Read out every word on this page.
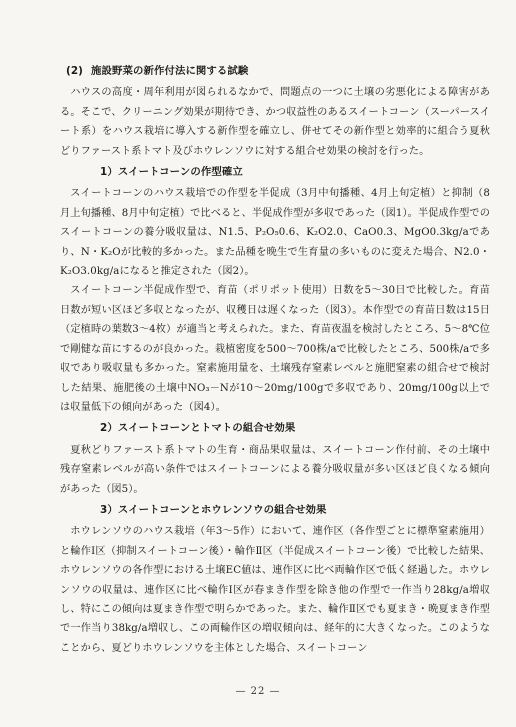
(2) 施設野菜の新作付法に関する試験

ハウスの高度・周年利用が図られるなかで、問題点の一つに土壌の劣悪化による障害がある。そこで、クリーニング効果が期待でき、かつ収益性のあるスイートコーン（スーパースイート系）をハウス栽培に導入する新作型を確立し、併せてその新作型と効率的に組合う夏秋どりファースト系トマト及びホウレンソウに対する組合せ効果の検討を行った。

1）スイートコーンの作型確立

スイートコーンのハウス栽培での作型を半促成（3月中旬播種、4月上旬定植）と抑制（8月上旬播種、8月中旬定植）で比べると、半促成作型が多収であった（図1）。半促成作型でのスイートコーンの養分吸収量は、N1.5、P₂O₅0.6、K₂O2.0、CaO0.3、MgO0.3kg/aであり、N・K₂Oが比較的多かった。また品種を晩生で生育量の多いものに変えた場合、N2.0・K₂O3.0kg/aになると推定された（図2）。

スイートコーン半促成作型で、育苗（ポリポット使用）日数を5～30日で比較した。育苗日数が短い区ほど多収となったが、収穫日は遅くなった（図3）。本作型での育苗日数は15日（定植時の葉数3～4枚）が適当と考えられた。また、育苗夜温を検討したところ、5～8℃位で剛健な苗にするのが良かった。栽植密度を500～700株/aで比較したところ、500株/aで多収であり吸収量も多かった。窒素施用量を、土壌残存窒素レベルと施肥窒素の組合せで検討した結果、施肥後の土壌中NO₃－Nが10～20mg/100gで多収であり、20mg/100g以上では収量低下の傾向があった（図4）。

2）スイートコーンとトマトの組合せ効果

夏秋どりファースト系トマトの生育・商品果収量は、スイートコーン作付前、その土壌中残存窒素レベルが高い条件ではスイートコーンによる養分吸収量が多い区ほど良くなる傾向があった（図5）。

3）スイートコーンとホウレンソウの組合せ効果

ホウレンソウのハウス栽培（年3～5作）において、連作区（各作型ごとに標準窒素施用）と輪作Ⅰ区（抑制スイートコーン後）・輪作Ⅱ区（半促成スイートコーン後）で比較した結果、ホウレンソウの各作型における土壌EC値は、連作区に比べ両輪作区で低く経過した。ホウレンソウの収量は、連作区に比べ輪作Ⅰ区が春まき作型を除き他の作型で一作当り28kg/a増収し、特にこの傾向は夏まき作型で明らかであった。また、輪作Ⅱ区でも夏まき・晩夏まき作型で一作当り38kg/a増収し、この両輪作区の増収傾向は、経年的に大きくなった。このようなことから、夏どりホウレンソウを主体とした場合、スイートコーン

— 22 —
